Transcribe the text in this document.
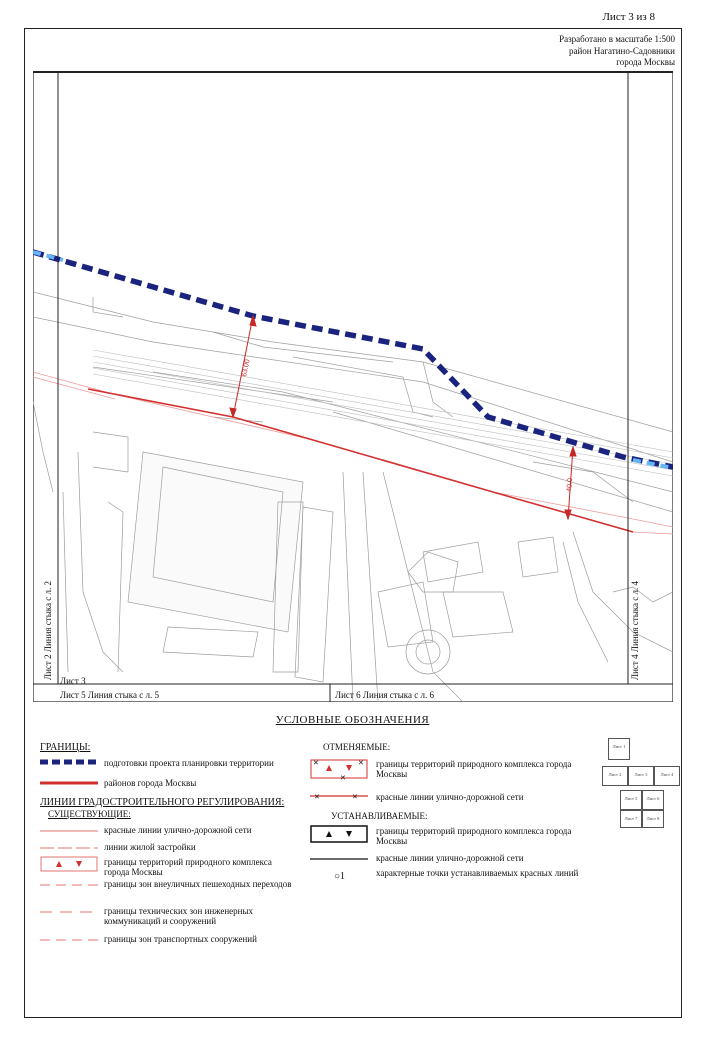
Лист 3 из 8
Разработано в масштабе 1:500
район Нагатино-Садовники
города Москвы
63.00
40.0
Лист 2 Линия стыка с л. 2	Лист 4 Линия стыка с л. 4
Лист 3
Лист 5 Линия стыка с л. 5	Лист 6 Линия стыка с л. 6
УСЛОВНЫЕ ОБОЗНАЧЕНИЯ
ГРАНИЦЫ:
подготовки проекта планировки территории
районов города Москвы
ЛИНИИ ГРАДОСТРОИТЕЛЬНОГО РЕГУЛИРОВАНИЯ:
СУЩЕСТВУЮЩИЕ:
красные линии улично-дорожной сети
линии жилой застройки
границы территорий природного комплекса города Москвы
границы зон внеуличных пешеходных переходов
границы технических зон инженерных коммуникаций и сооружений
границы зон транспортных сооружений
ОТМЕНЯЕМЫЕ:
✕	✕
✕
границы территорий природного комплекса города Москвы
✕	✕ красные линии улично-дорожной сети
УСТАНАВЛИВАЕМЫЕ:
границы территорий природного комплекса города Москвы
красные линии улично-дорожной сети
○1	характерные точки устанавливаемых красных линий
Лист 1
Лист 2	Лист 3	Лист 4
Лист 5	Лист 6
Лист 7	Лист 8
